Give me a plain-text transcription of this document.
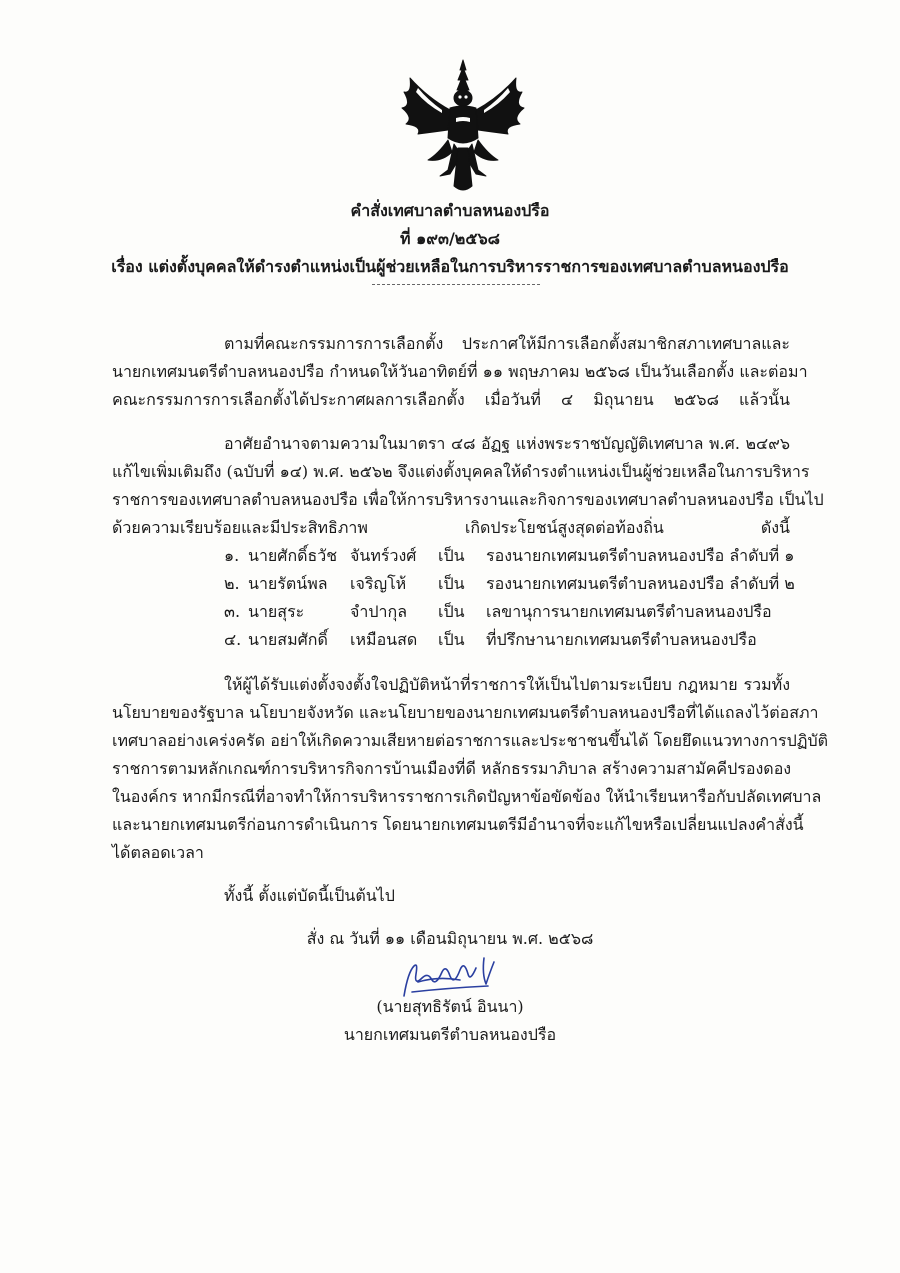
คำสั่งเทศบาลตำบลหนองปรือ
ที่ ๑๙๓/๒๕๖๘
เรื่อง แต่งตั้งบุคคลให้ดำรงตำแหน่งเป็นผู้ช่วยเหลือในการบริหารราชการของเทศบาลตำบลหนองปรือ
ตามที่คณะกรรมการการเลือกตั้ง ประกาศให้มีการเลือกตั้งสมาชิกสภาเทศบาลและ
นายกเทศมนตรีตำบลหนองปรือ กำหนดให้วันอาทิตย์ที่ ๑๑ พฤษภาคม ๒๕๖๘ เป็นวันเลือกตั้ง และต่อมา
คณะกรรมการการเลือกตั้งได้ประกาศผลการเลือกตั้ง เมื่อวันที่ ๔ มิถุนายน ๒๕๖๘ แล้วนั้น
อาศัยอำนาจตามความในมาตรา ๔๘ อัฏฐ แห่งพระราชบัญญัติเทศบาล พ.ศ. ๒๔๙๖
แก้ไขเพิ่มเติมถึง (ฉบับที่ ๑๔) พ.ศ. ๒๕๖๒ จึงแต่งตั้งบุคคลให้ดำรงตำแหน่งเป็นผู้ช่วยเหลือในการบริหาร
ราชการของเทศบาลตำบลหนองปรือ เพื่อให้การบริหารงานและกิจการของเทศบาลตำบลหนองปรือ เป็นไป
ด้วยความเรียบร้อยและมีประสิทธิภาพ เกิดประโยชน์สูงสุดต่อท้องถิ่น ดังนี้
๑. นายศักดิ์ธวัช จันทร์วงศ์ เป็น รองนายกเทศมนตรีตำบลหนองปรือ ลำดับที่ ๑
๒. นายรัตน์พล เจริญโห้ เป็น รองนายกเทศมนตรีตำบลหนองปรือ ลำดับที่ ๒
๓. นายสุระ	จำปากุล เป็น เลขานุการนายกเทศมนตรีตำบลหนองปรือ
๔. นายสมศักดิ์ เหมือนสด เป็น ที่ปรึกษานายกเทศมนตรีตำบลหนองปรือ
ให้ผู้ได้รับแต่งตั้งจงตั้งใจปฏิบัติหน้าที่ราชการให้เป็นไปตามระเบียบ กฎหมาย รวมทั้ง
นโยบายของรัฐบาล นโยบายจังหวัด และนโยบายของนายกเทศมนตรีตำบลหนองปรือที่ได้แถลงไว้ต่อสภา
เทศบาลอย่างเคร่งครัด อย่าให้เกิดความเสียหายต่อราชการและประชาชนขึ้นได้ โดยยึดแนวทางการปฏิบัติ
ราชการตามหลักเกณฑ์การบริหารกิจการบ้านเมืองที่ดี หลักธรรมาภิบาล สร้างความสามัคคีปรองดอง
ในองค์กร หากมีกรณีที่อาจทำให้การบริหารราชการเกิดปัญหาข้อขัดข้อง ให้นำเรียนหารือกับปลัดเทศบาล
และนายกเทศมนตรีก่อนการดำเนินการ โดยนายกเทศมนตรีมีอำนาจที่จะแก้ไขหรือเปลี่ยนแปลงคำสั่งนี้
ได้ตลอดเวลา
ทั้งนี้ ตั้งแต่บัดนี้เป็นต้นไป
สั่ง ณ วันที่ ๑๑ เดือนมิถุนายน พ.ศ. ๒๕๖๘
(นายสุทธิรัตน์ อินนา)
นายกเทศมนตรีตำบลหนองปรือ
